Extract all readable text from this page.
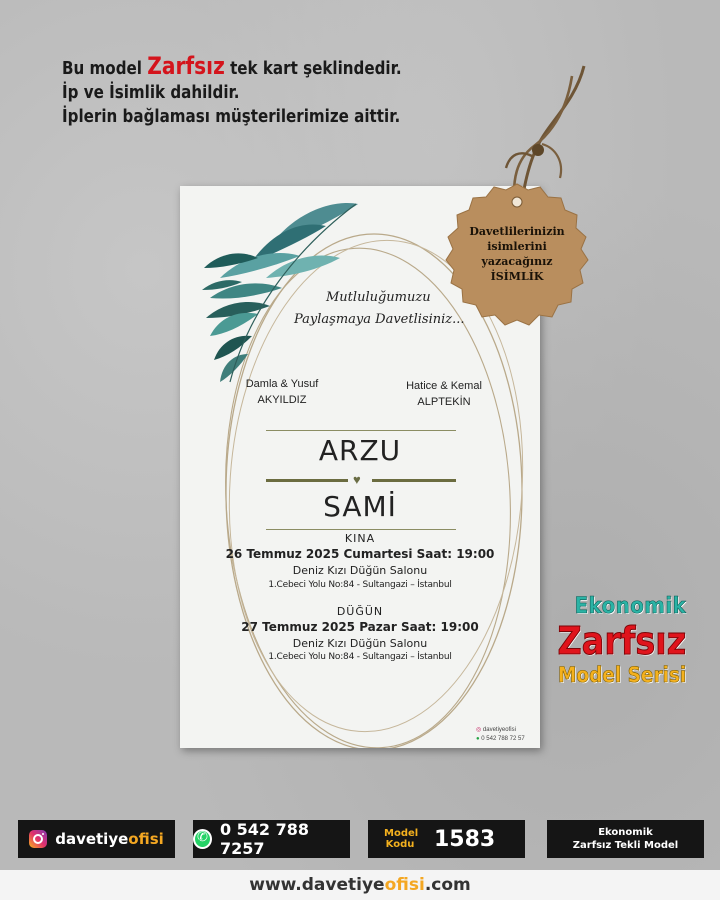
Bu model Zarfsız tek kart şeklindedir.
İp ve İsimlik dahildir.
İplerin bağlaması müşterilerimize aittir.
Mutluluğumuzu
Paylaşmaya Davetlisiniz...
Damla & Yusuf
AKYILDIZ
Hatice & Kemal
ALPTEKİN
ARZU
♥
SAMİ
KINA
26 Temmuz 2025 Cumartesi Saat: 19:00
Deniz Kızı Düğün Salonu
1.Cebeci Yolu No:84 - Sultangazi – İstanbul
DÜĞÜN
27 Temmuz 2025 Pazar Saat: 19:00
Deniz Kızı Düğün Salonu
1.Cebeci Yolu No:84 - Sultangazi – İstanbul
◎ davetiyeofisi
● 0 542 788 72 57
Davetlilerinizin
isimlerini
yazacağınız
İSİMLİK
Ekonomik
Zarfsız
Model Serisi
davetiyeofisi
✆	0 542 788 7257
Model Kodu 1583	Ekonomik
Zarfsız Tekli Model
www.davetiyeofisi.com
